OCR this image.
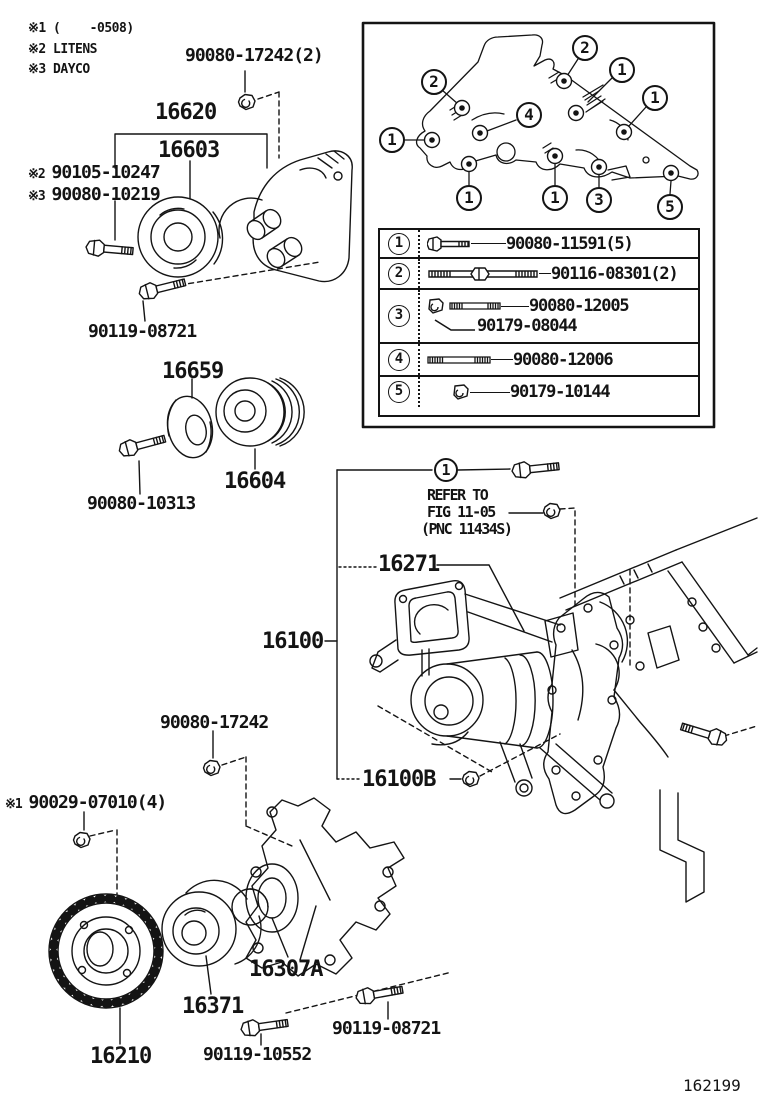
※1 (    -0508)
※2 LITENS
※3 DAYCO
90080-17242(2)
16620
16603
※2 90105-10247
※3 90080-10219
90119-08721
16659
16604
90080-10313	REFER TO
FIG 11-05
(PNC 11434S)
16271
16100
16100B
90080-17242
※1 90029-07010(4)
16307A
16371
16210	90119-10552
90119-08721
162199
1
2
2
1
1
4
1
1	1	3	5
1	90080-11591(5)
2	90116-08301(2)
3	90080-12005
90179-08044
4	90080-12006
5	90179-10144
